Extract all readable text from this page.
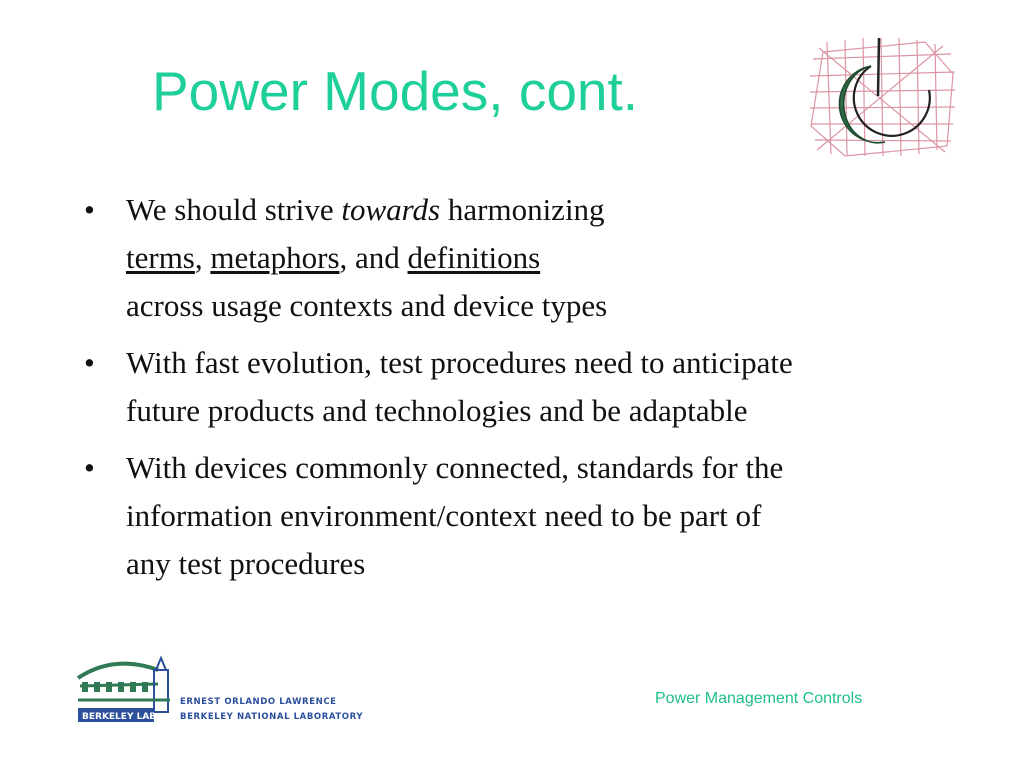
Power Modes, cont.
• We should strive towards harmonizing
terms, metaphors, and definitions
across usage contexts and device types
• With fast evolution, test procedures need to anticipate
future products and technologies and be adaptable
• With devices commonly connected, standards for the
information environment/context need to be part of
any test procedures
BERKELEY LAB
ERNEST ORLANDO LAWRENCE
BERKELEY NATIONAL LABORATORY
Power Management Controls
